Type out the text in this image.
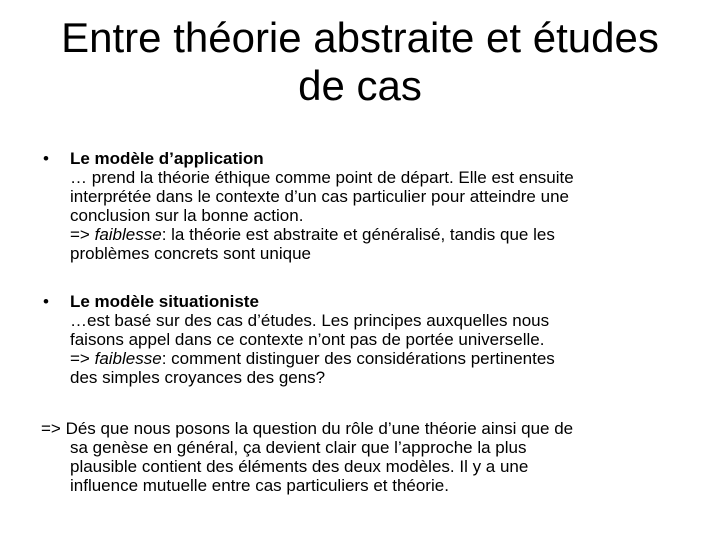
Entre théorie abstraite et études
de cas
• Le modèle d’application
… prend la théorie éthique comme point de départ. Elle est ensuite
interprétée dans le contexte d’un cas particulier pour atteindre une
conclusion sur la bonne action.
=> faiblesse: la théorie est abstraite et généralisé, tandis que les
problèmes concrets sont unique
• Le modèle situationiste
…est basé sur des cas d’études. Les principes auxquelles nous
faisons appel dans ce contexte n’ont pas de portée universelle.
=> faiblesse: comment distinguer des considérations pertinentes
des simples croyances des gens?
=> Dés que nous posons la question du rôle d’une théorie ainsi que de
sa genèse en général, ça devient clair que l’approche la plus
plausible contient des éléments des deux modèles. Il y a une
influence mutuelle entre cas particuliers et théorie.
